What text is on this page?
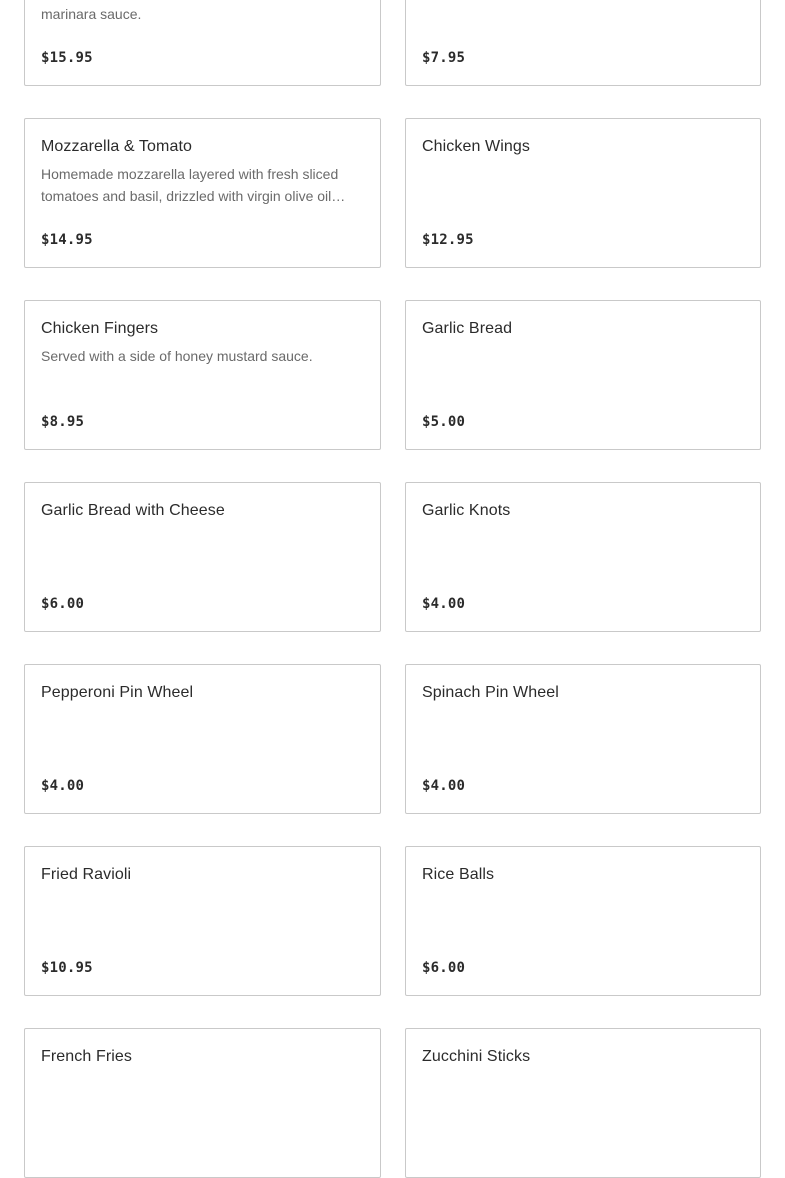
marinara sauce.
$15.95	$7.95
Mozzarella & Tomato
Homemade mozzarella layered with fresh sliced tomatoes and basil, drizzled with virgin olive oil…
$14.95
Chicken Wings
$12.95
Chicken Fingers
Served with a side of honey mustard sauce.
$8.95
Garlic Bread
$5.00
Garlic Bread with Cheese
$6.00
Garlic Knots
$4.00
Pepperoni Pin Wheel
$4.00
Spinach Pin Wheel
$4.00
Fried Ravioli
$10.95
Rice Balls
$6.00
French Fries	Zucchini Sticks
